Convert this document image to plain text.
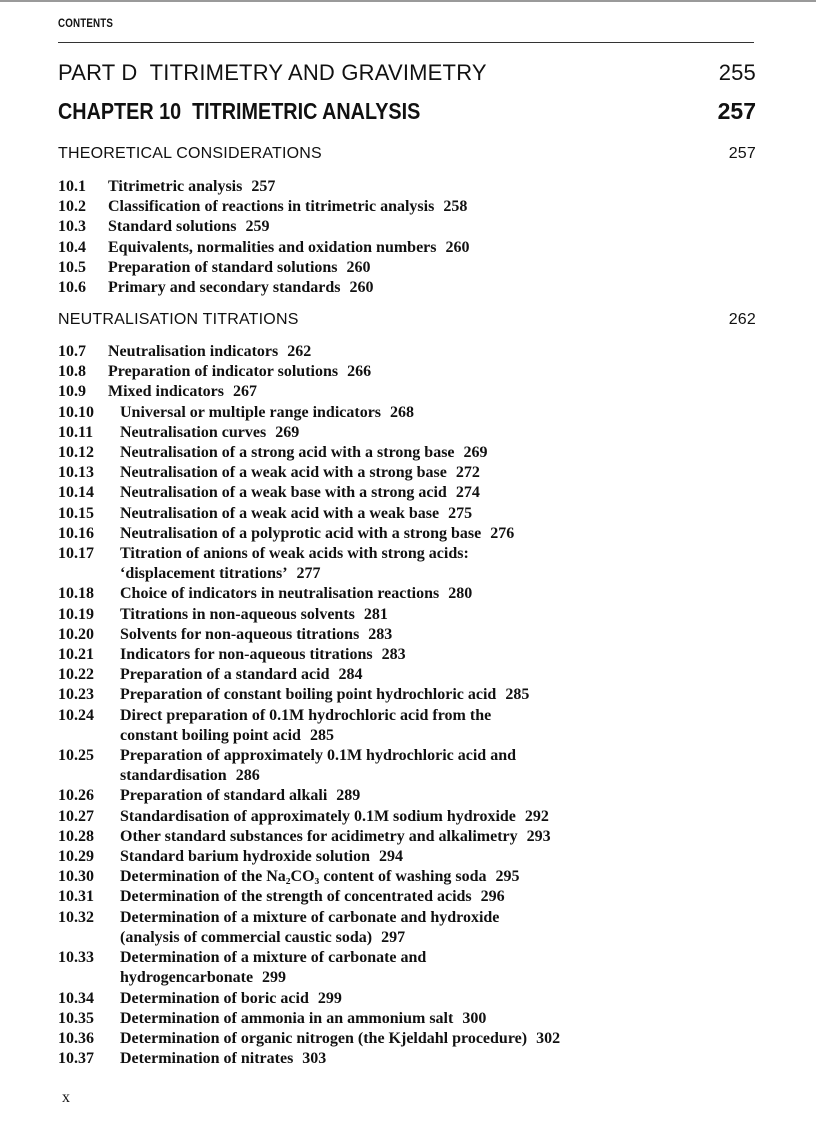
CONTENTS
PART D  TITRIMETRY AND GRAVIMETRY	255
CHAPTER 10  TITRIMETRIC ANALYSIS	257
THEORETICAL CONSIDERATIONS	257
10.1	Titrimetric analysis 257
10.2	Classification of reactions in titrimetric analysis 258
10.3	Standard solutions 259
10.4	Equivalents, normalities and oxidation numbers 260
10.5	Preparation of standard solutions 260
10.6	Primary and secondary standards 260
NEUTRALISATION TITRATIONS	262
10.7	Neutralisation indicators 262
10.8	Preparation of indicator solutions 266
10.9	Mixed indicators 267
10.10	Universal or multiple range indicators 268
10.11	Neutralisation curves 269
10.12	Neutralisation of a strong acid with a strong base 269
10.13	Neutralisation of a weak acid with a strong base 272
10.14	Neutralisation of a weak base with a strong acid 274
10.15	Neutralisation of a weak acid with a weak base 275
10.16	Neutralisation of a polyprotic acid with a strong base 276
10.17	Titration of anions of weak acids with strong acids:
‘displacement titrations’ 277
10.18	Choice of indicators in neutralisation reactions 280
10.19	Titrations in non-aqueous solvents 281
10.20	Solvents for non-aqueous titrations 283
10.21	Indicators for non-aqueous titrations 283
10.22	Preparation of a standard acid 284
10.23	Preparation of constant boiling point hydrochloric acid 285
10.24	Direct preparation of 0.1M hydrochloric acid from the
constant boiling point acid 285
10.25	Preparation of approximately 0.1M hydrochloric acid and
standardisation 286
10.26	Preparation of standard alkali 289
10.27	Standardisation of approximately 0.1M sodium hydroxide 292
10.28	Other standard substances for acidimetry and alkalimetry 293
10.29	Standard barium hydroxide solution 294
10.30	Determination of the Na₂CO₃ content of washing soda 295
10.31	Determination of the strength of concentrated acids 296
10.32	Determination of a mixture of carbonate and hydroxide
(analysis of commercial caustic soda) 297
10.33	Determination of a mixture of carbonate and
hydrogencarbonate 299
10.34	Determination of boric acid 299
10.35	Determination of ammonia in an ammonium salt 300
10.36	Determination of organic nitrogen (the Kjeldahl procedure) 302
10.37	Determination of nitrates 303
x
